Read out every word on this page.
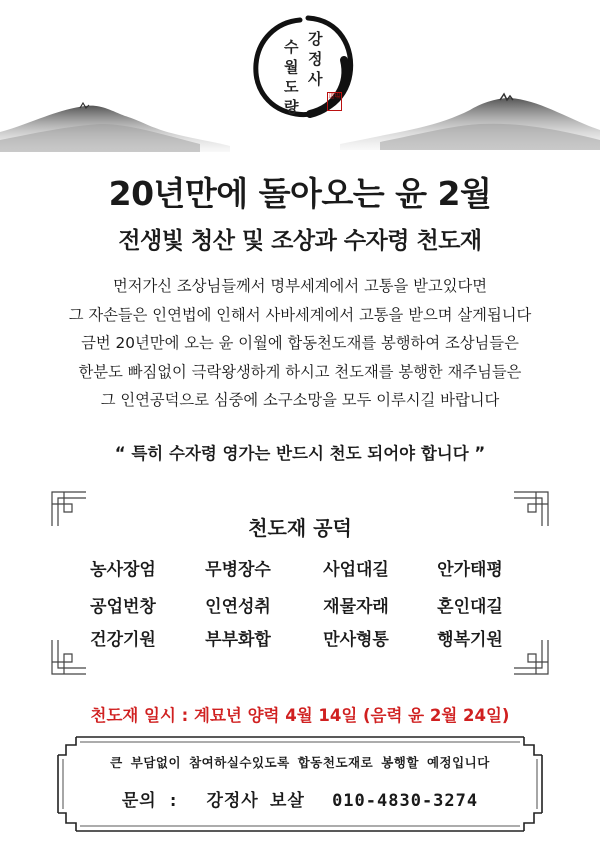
강
정
사
수
월
도
량
道場
20년만에 돌아오는 윤 2월
전생빛 청산 및 조상과 수자령 천도재
먼저가신 조상님들께서 명부세계에서 고통을 받고있다면
그 자손들은 인연법에 인해서 사바세계에서 고통을 받으며 살게됩니다
금번 20년만에 오는 윤 이월에 합동천도재를 봉행하여 조상님들은
한분도 빠짐없이 극락왕생하게 하시고 천도재를 봉행한 재주님들은
그 인연공덕으로 심중에 소구소망을 모두 이루시길 바랍니다
“ 특히 수자령 영가는 반드시 천도 되어야 합니다 ”
천도재 공덕
농사장엄	무병장수	사업대길	안가태평
공업번창	인연성취	재물자래	혼인대길
건강기원	부부화합	만사형통	행복기원
천도재 일시 : 계묘년 양력 4월 14일 (음력 윤 2월 24일)
큰 부담없이 참여하실수있도록 합동천도재로 봉행할 예정입니다
문의 : 강정사 보살 010-4830-3274
